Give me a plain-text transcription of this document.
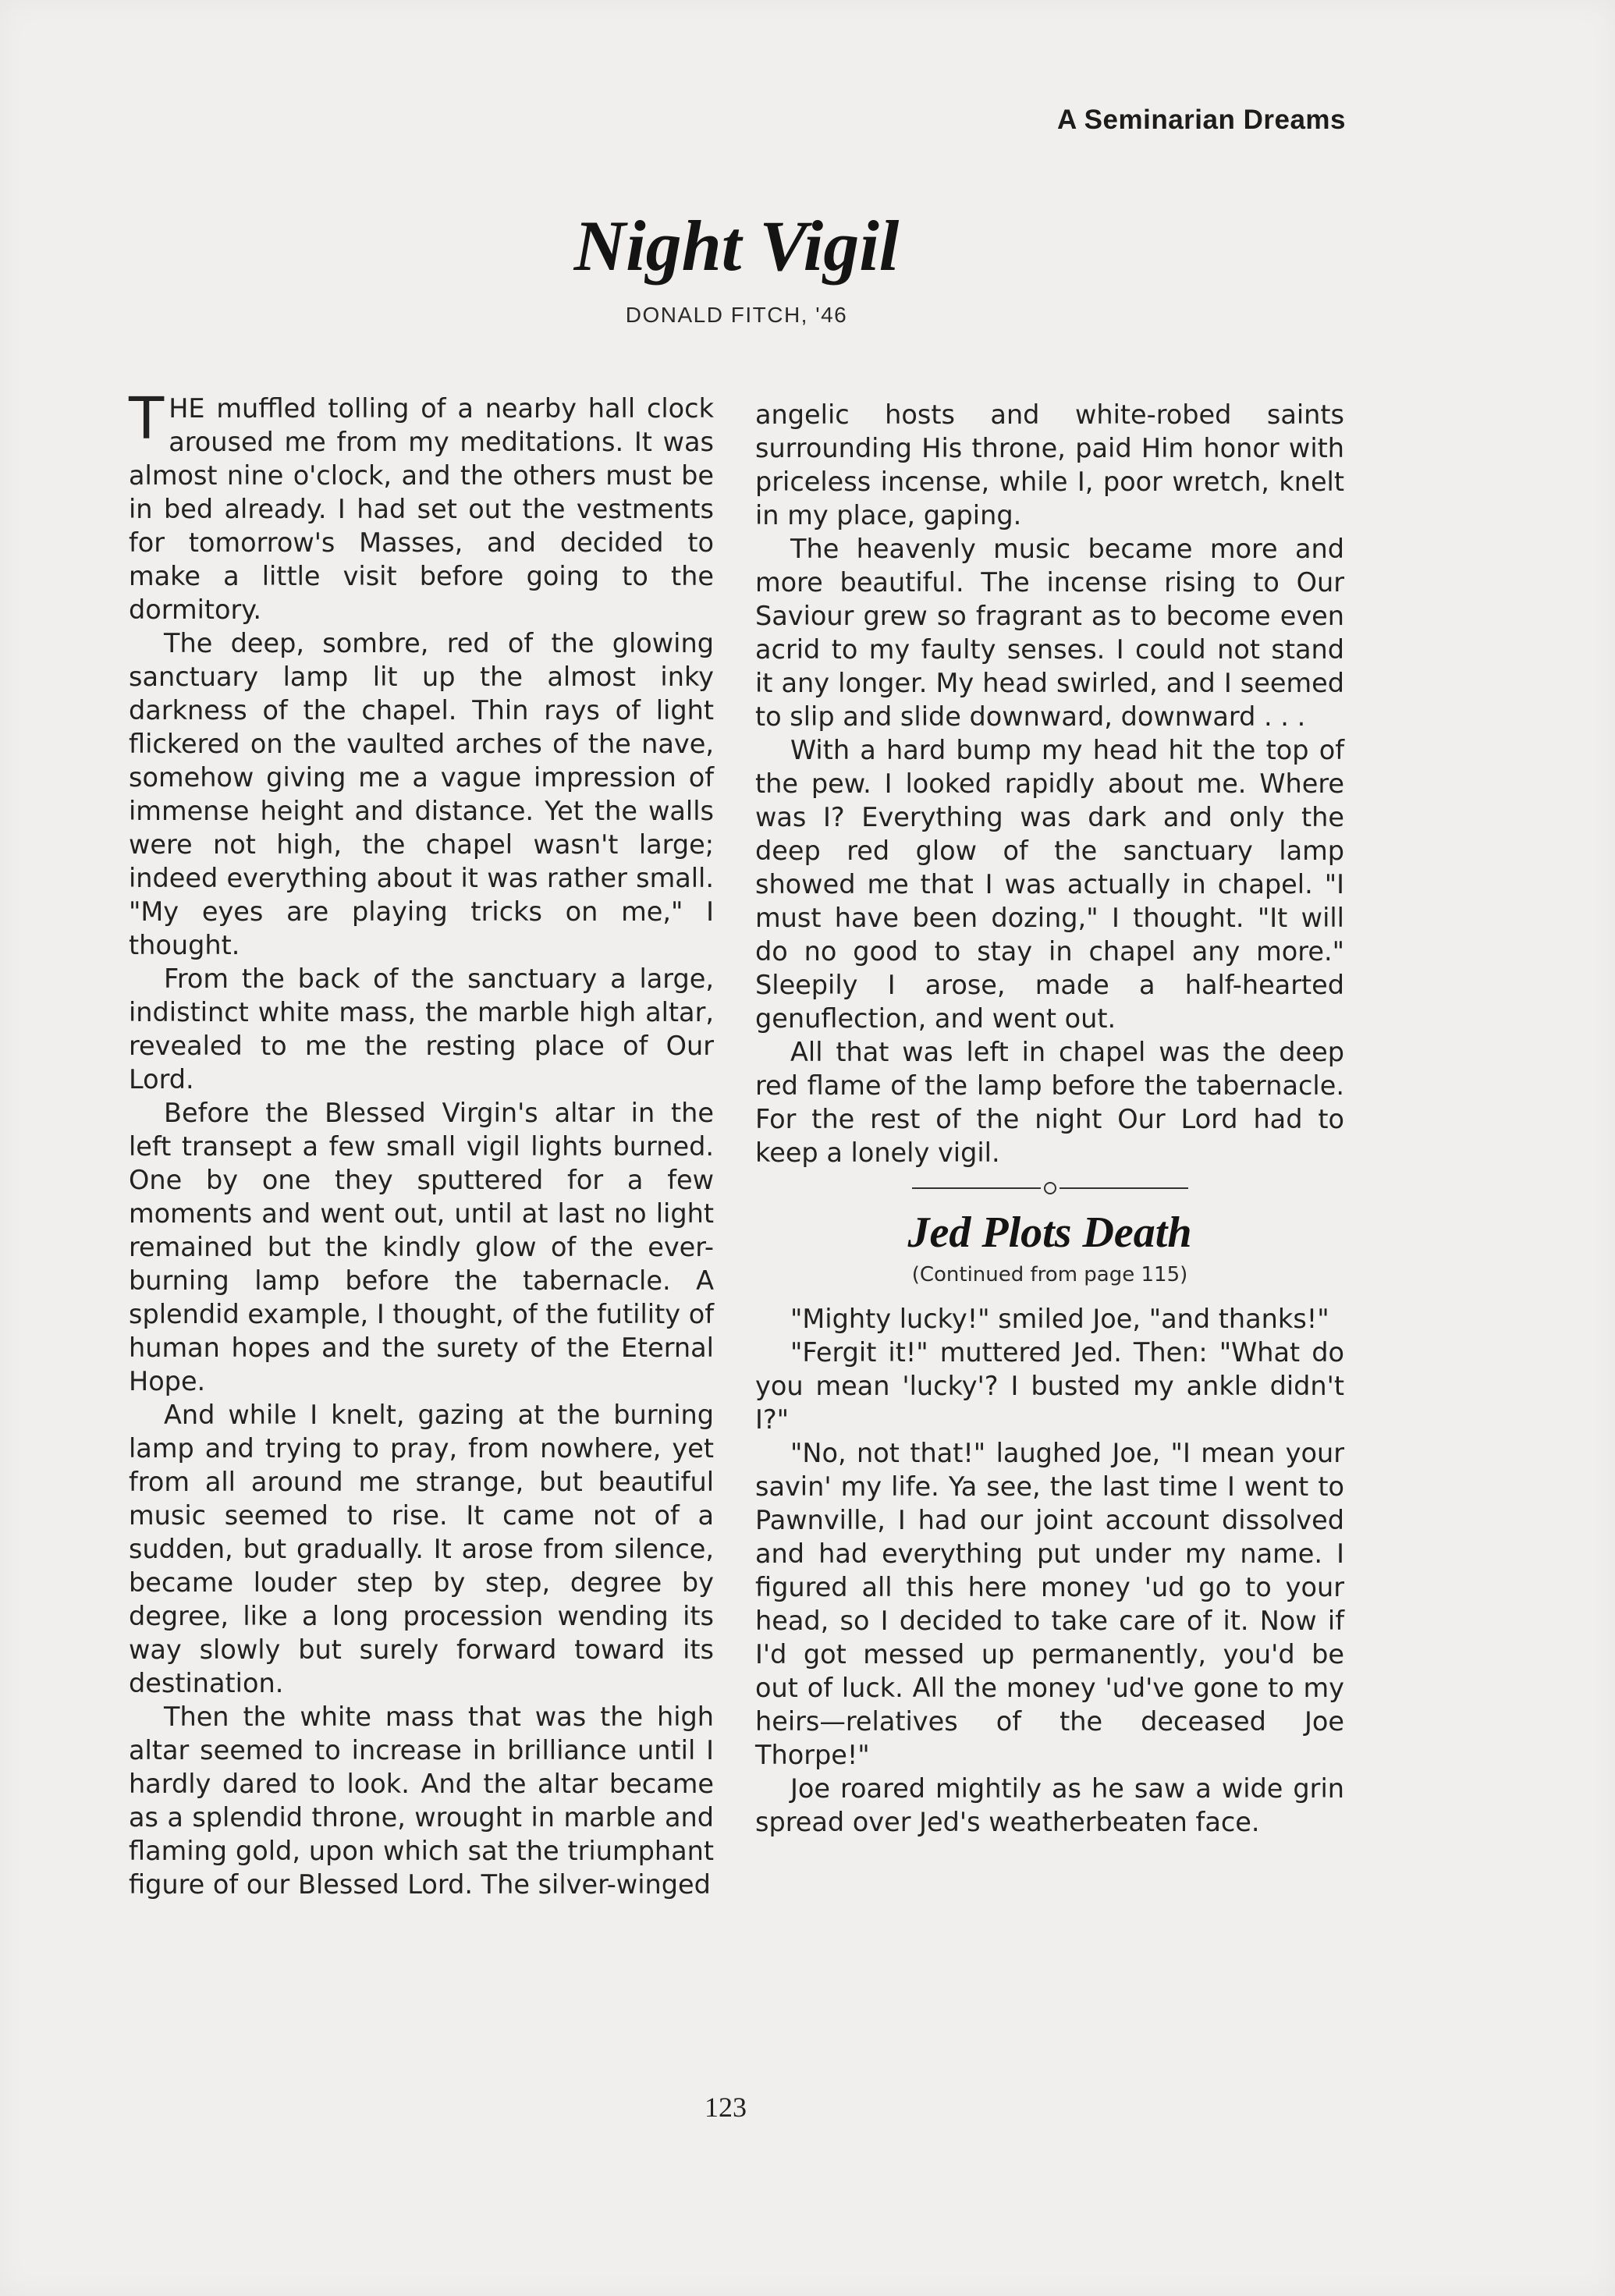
A Seminarian Dreams
Night Vigil
DONALD FITCH, '46

THE muffled tolling of a nearby hall clock aroused me from my meditations. It was almost nine o'clock, and the others must be in bed already. I had set out the vestments for tomorrow's Masses, and decided to make a little visit before going to the dormitory.

The deep, sombre, red of the glowing sanctuary lamp lit up the almost inky darkness of the chapel. Thin rays of light flickered on the vaulted arches of the nave, somehow giving me a vague impression of immense height and distance. Yet the walls were not high, the chapel wasn't large; indeed everything about it was rather small. "My eyes are playing tricks on me," I thought.

From the back of the sanctuary a large, indistinct white mass, the marble high altar, revealed to me the resting place of Our Lord.

Before the Blessed Virgin's altar in the left transept a few small vigil lights burned. One by one they sputtered for a few moments and went out, until at last no light remained but the kindly glow of the ever-burning lamp before the tabernacle. A splendid example, I thought, of the futility of human hopes and the surety of the Eternal Hope.

And while I knelt, gazing at the burning lamp and trying to pray, from nowhere, yet from all around me strange, but beautiful music seemed to rise. It came not of a sudden, but gradually. It arose from silence, became louder step by step, degree by degree, like a long procession wending its way slowly but surely forward toward its destination.

Then the white mass that was the high altar seemed to increase in brilliance until I hardly dared to look. And the altar became as a splendid throne, wrought in marble and flaming gold, upon which sat the triumphant figure of our Blessed Lord. The silver-winged

angelic hosts and white-robed saints surrounding His throne, paid Him honor with priceless incense, while I, poor wretch, knelt in my place, gaping.

The heavenly music became more and more beautiful. The incense rising to Our Saviour grew so fragrant as to become even acrid to my faulty senses. I could not stand it any longer. My head swirled, and I seemed to slip and slide downward, downward . . .

With a hard bump my head hit the top of the pew. I looked rapidly about me. Where was I? Everything was dark and only the deep red glow of the sanctuary lamp showed me that I was actually in chapel. "I must have been dozing," I thought. "It will do no good to stay in chapel any more." Sleepily I arose, made a half-hearted genuflection, and went out.

All that was left in chapel was the deep red flame of the lamp before the tabernacle. For the rest of the night Our Lord had to keep a lonely vigil.

Jed Plots Death
(Continued from page 115)

"Mighty lucky!" smiled Joe, "and thanks!"

"Fergit it!" muttered Jed. Then: "What do you mean 'lucky'? I busted my ankle didn't I?"

"No, not that!" laughed Joe, "I mean your savin' my life. Ya see, the last time I went to Pawnville, I had our joint account dissolved and had everything put under my name. I figured all this here money 'ud go to your head, so I decided to take care of it. Now if I'd got messed up permanently, you'd be out of luck. All the money 'ud've gone to my heirs—relatives of the deceased Joe Thorpe!"

Joe roared mightily as he saw a wide grin spread over Jed's weatherbeaten face.

123
